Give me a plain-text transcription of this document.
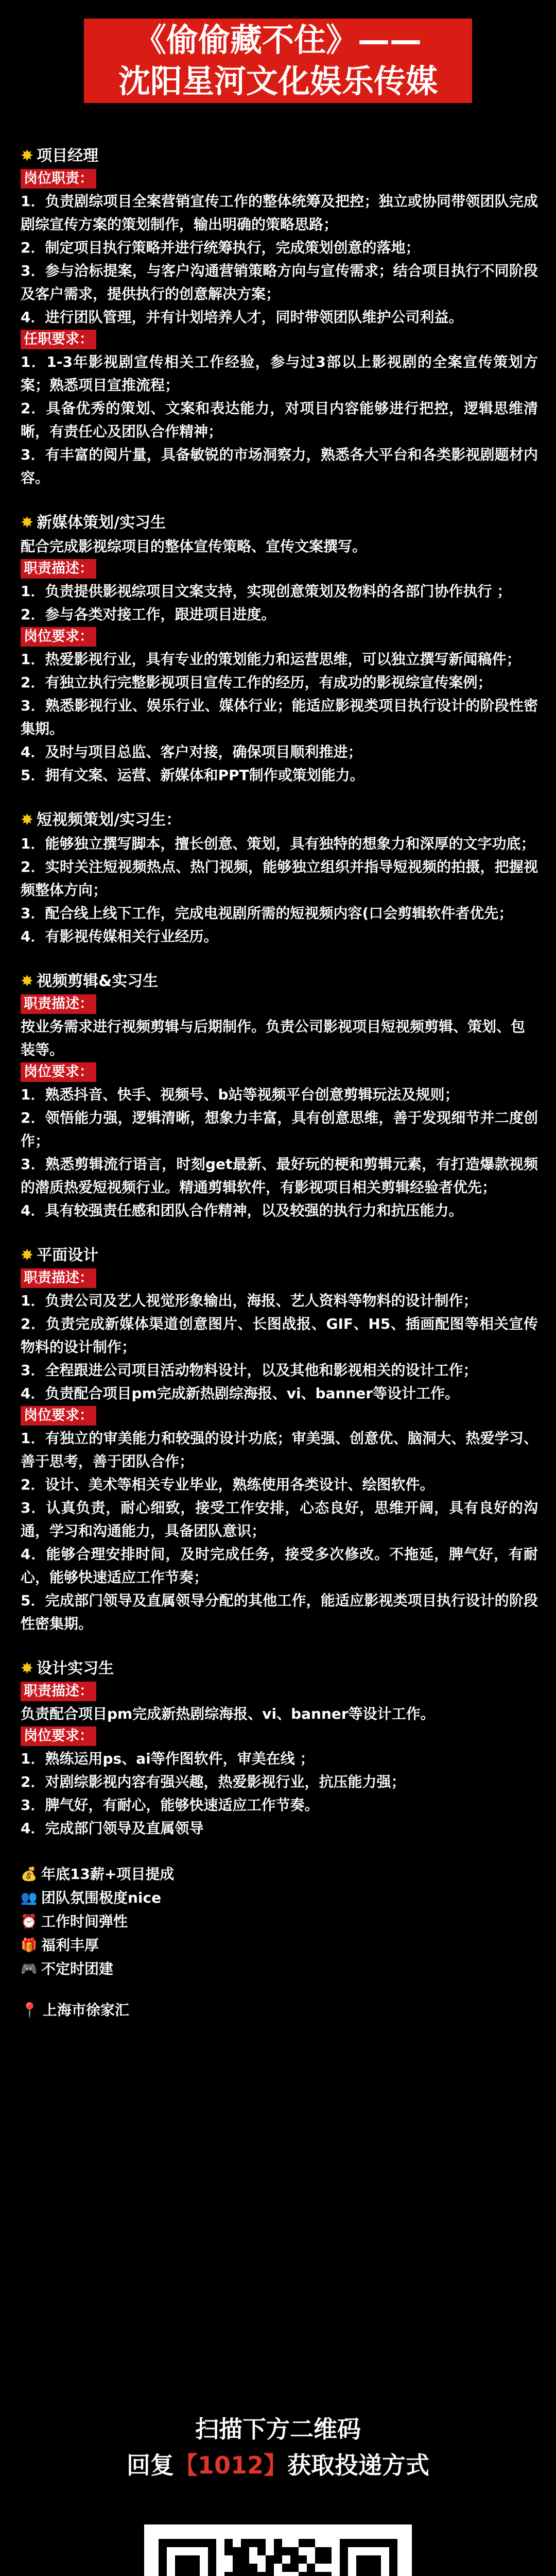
《偷偷藏不住》——
沈阳星河文化娱乐传媒
✸ 项目经理
岗位职责：
1．负责剧综项目全案营销宣传工作的整体统筹及把控；独立或协同带领团队完成剧综宣传方案的策划制作，输出明确的策略思路；
2．制定项目执行策略并进行统筹执行，完成策划创意的落地；
3．参与洽标提案，与客户沟通营销策略方向与宣传需求；结合项目执行不同阶段及客户需求，提供执行的创意解决方案；
4．进行团队管理，并有计划培养人才，同时带领团队维护公司利益。
任职要求：
1．1-3年影视剧宣传相关工作经验，参与过3部以上影视剧的全案宣传策划方案；熟悉项目宣推流程；
2．具备优秀的策划、文案和表达能力，对项目内容能够进行把控，逻辑思维清晰，有责任心及团队合作精神；
3．有丰富的阅片量，具备敏锐的市场洞察力，熟悉各大平台和各类影视剧题材内容。
✸ 新媒体策划/实习生
配合完成影视综项目的整体宣传策略、宣传文案撰写。
职责描述：
1．负责提供影视综项目文案支持，实现创意策划及物料的各部门协作执行 ；
2．参与各类对接工作，跟进项目进度。
岗位要求：
1．热爱影视行业，具有专业的策划能力和运营思维，可以独立撰写新闻稿件；
2．有独立执行完整影视项目宣传工作的经历，有成功的影视综宣传案例；
3．熟悉影视行业、娱乐行业、媒体行业；能适应影视类项目执行设计的阶段性密集期。
4．及时与项目总监、客户对接，确保项目顺利推进；
5．拥有文案、运营、新媒体和PPT制作或策划能力。
✸ 短视频策划/实习生：
1．能够独立撰写脚本，擅长创意、策划，具有独特的想象力和深厚的文字功底；
2．实时关注短视频热点、热门视频，能够独立组织并指导短视频的拍摄，把握视频整体方向；
3．配合线上线下工作，完成电视剧所需的短视频内容(口会剪辑软件者优先；
4．有影视传媒相关行业经历。
✸ 视频剪辑&实习生
职责描述：
按业务需求进行视频剪辑与后期制作。负责公司影视项目短视频剪辑、策划、包装等。
岗位要求：
1．熟悉抖音、快手、视频号、b站等视频平台创意剪辑玩法及规则；
2．领悟能力强，逻辑清晰，想象力丰富，具有创意思维，善于发现细节并二度创作；
3．熟悉剪辑流行语言，时刻get最新、最好玩的梗和剪辑元素，有打造爆款视频的潜质热爱短视频行业。精通剪辑软件，有影视项目相关剪辑经验者优先；
4．具有较强责任感和团队合作精神，以及较强的执行力和抗压能力。
✸ 平面设计
职责描述：
1．负责公司及艺人视觉形象输出，海报、艺人资料等物料的设计制作；
2．负责完成新媒体渠道创意图片、长图战报、GIF、H5、插画配图等相关宣传物料的设计制作；
3．全程跟进公司项目活动物料设计，以及其他和影视相关的设计工作；
4．负责配合项目pm完成新热剧综海报、vi、banner等设计工作。
岗位要求：
1．有独立的审美能力和较强的设计功底；审美强、创意优、脑洞大、热爱学习、善于思考，善于团队合作；
2．设计、美术等相关专业毕业，熟练使用各类设计、绘图软件。
3．认真负责，耐心细致，接受工作安排，心态良好，思维开阔，具有良好的沟通，学习和沟通能力，具备团队意识；
4．能够合理安排时间，及时完成任务，接受多次修改。不拖延，脾气好，有耐心，能够快速适应工作节奏；
5．完成部门领导及直属领导分配的其他工作，能适应影视类项目执行设计的阶段性密集期。
✸ 设计实习生
职责描述：
负责配合项目pm完成新热剧综海报、vi、banner等设计工作。
岗位要求：
1．熟练运用ps、ai等作图软件，审美在线 ；
2．对剧综影视内容有强兴趣，热爱影视行业，抗压能力强；
3．脾气好，有耐心，能够快速适应工作节奏。
4．完成部门领导及直属领导
💰 年底13薪+项目提成
👥 团队氛围极度nice
⏰ 工作时间弹性
🎁 福利丰厚
🎮 不定时团建
📍 上海市徐家汇
扫描下方二维码
回复【1012】获取投递方式
